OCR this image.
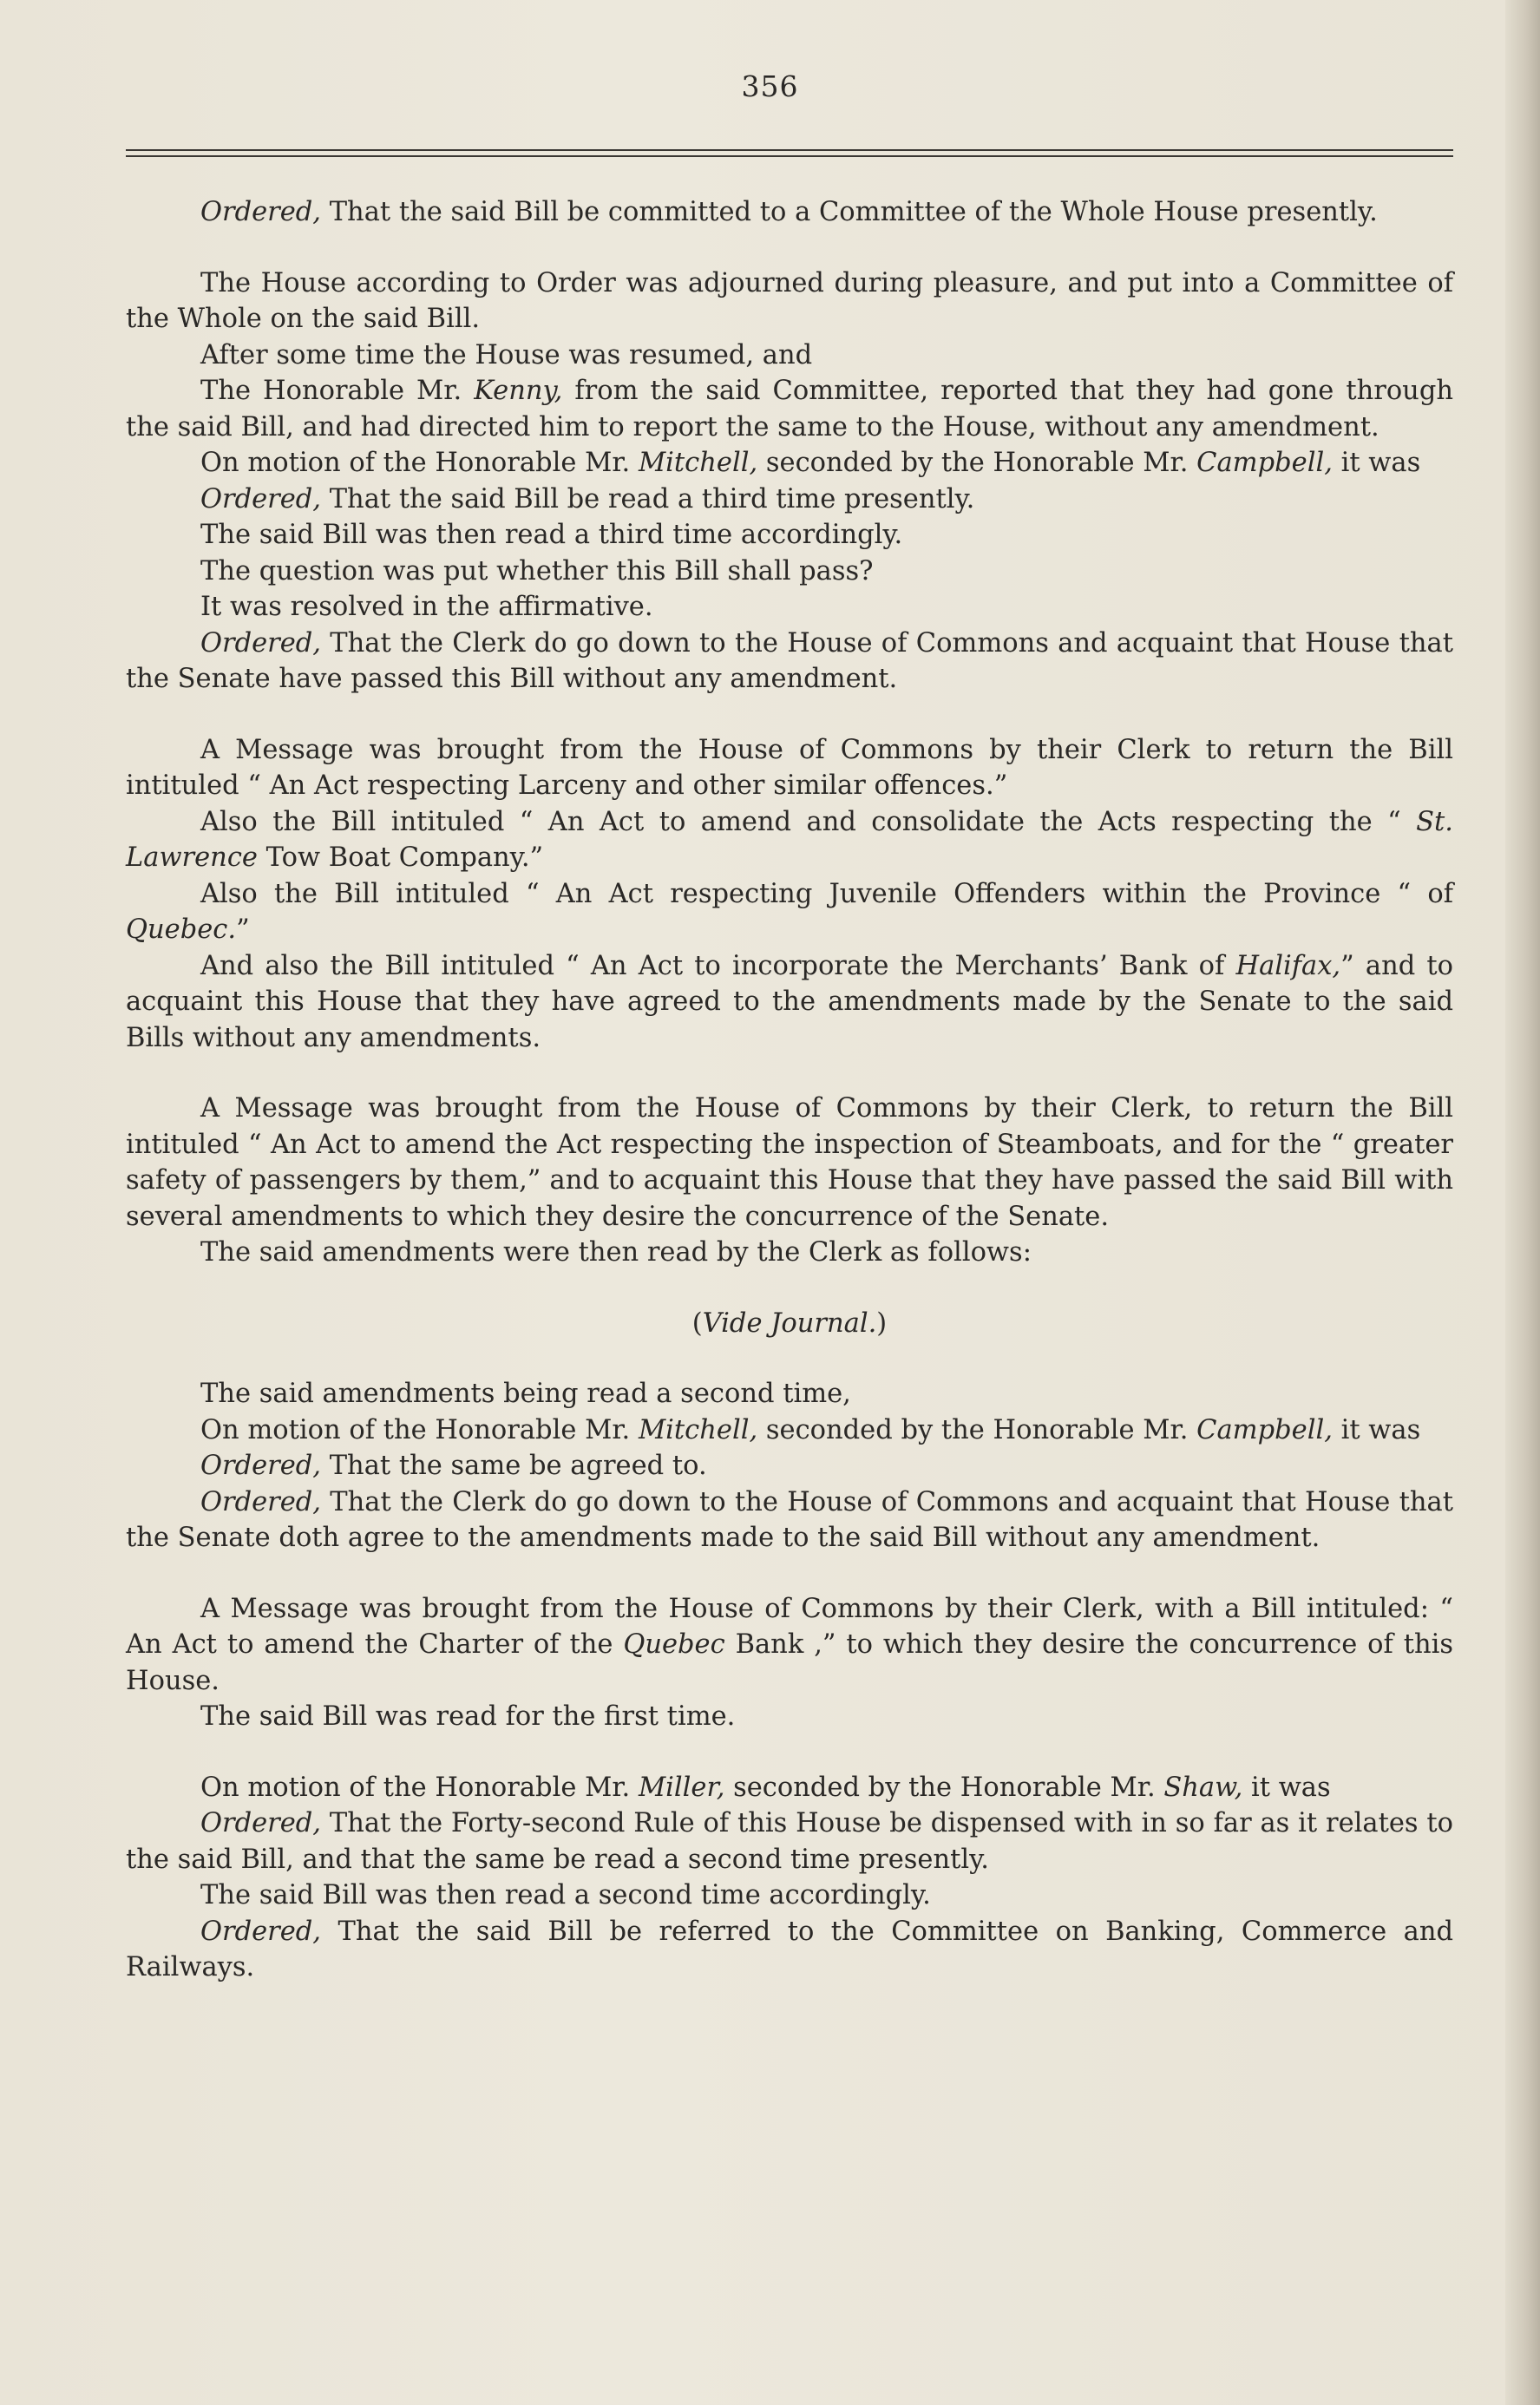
356

Ordered, That the said Bill be committed to a Committee of the Whole House presently.

The House according to Order was adjourned during pleasure, and put into a Committee of the Whole on the said Bill.

After some time the House was resumed, and

The Honorable Mr. Kenny, from the said Committee, reported that they had gone through the said Bill, and had directed him to report the same to the House, without any amendment.

On motion of the Honorable Mr. Mitchell, seconded by the Honorable Mr. Campbell, it was

Ordered, That the said Bill be read a third time presently.

The said Bill was then read a third time accordingly.

The question was put whether this Bill shall pass?

It was resolved in the affirmative.

Ordered, That the Clerk do go down to the House of Commons and acquaint that House that the Senate have passed this Bill without any amendment.

A Message was brought from the House of Commons by their Clerk to return the Bill intituled “ An Act respecting Larceny and other similar offences.”

Also the Bill intituled “ An Act to amend and consolidate the Acts respecting the “ St. Lawrence Tow Boat Company.”

Also the Bill intituled “ An Act respecting Juvenile Offenders within the Province “ of Quebec.”

And also the Bill intituled “ An Act to incorporate the Merchants’ Bank of Halifax,” and to acquaint this House that they have agreed to the amendments made by the Senate to the said Bills without any amendments.

A Message was brought from the House of Commons by their Clerk, to return the Bill intituled “ An Act to amend the Act respecting the inspection of Steamboats, and for the “ greater safety of passengers by them,” and to acquaint this House that they have passed the said Bill with several amendments to which they desire the concurrence of the Senate.

The said amendments were then read by the Clerk as follows:

(Vide Journal.)

The said amendments being read a second time,

On motion of the Honorable Mr. Mitchell, seconded by the Honorable Mr. Campbell, it was

Ordered, That the same be agreed to.

Ordered, That the Clerk do go down to the House of Commons and acquaint that House that the Senate doth agree to the amendments made to the said Bill without any amendment.

A Message was brought from the House of Commons by their Clerk, with a Bill intituled: “ An Act to amend the Charter of the Quebec Bank ,” to which they desire the concurrence of this House.

The said Bill was read for the first time.

On motion of the Honorable Mr. Miller, seconded by the Honorable Mr. Shaw, it was

Ordered, That the Forty-second Rule of this House be dispensed with in so far as it relates to the said Bill, and that the same be read a second time presently.

The said Bill was then read a second time accordingly.

Ordered, That the said Bill be referred to the Committee on Banking, Commerce and Railways.
